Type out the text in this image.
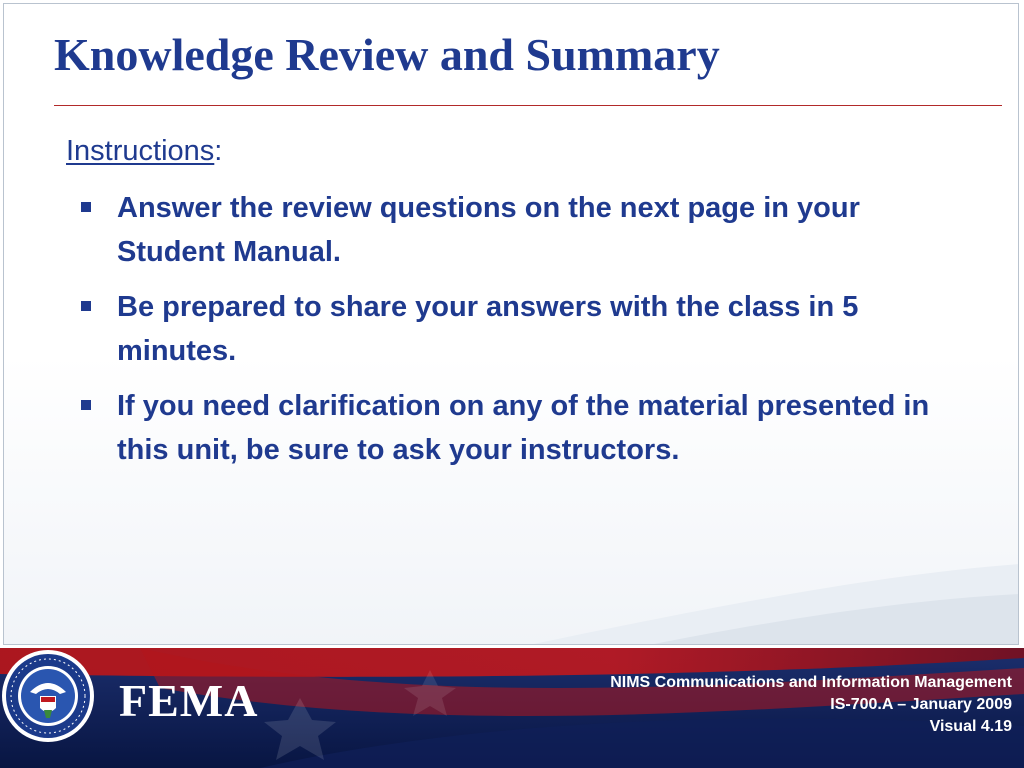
Knowledge Review and Summary
Instructions:
Answer the review questions on the next page in your Student Manual.
Be prepared to share your answers with the class in 5 minutes.
If you need clarification on any of the material presented in this unit, be sure to ask your instructors.
FEMA	NIMS Communications and Information Management
IS-700.A – January 2009
Visual 4.19
